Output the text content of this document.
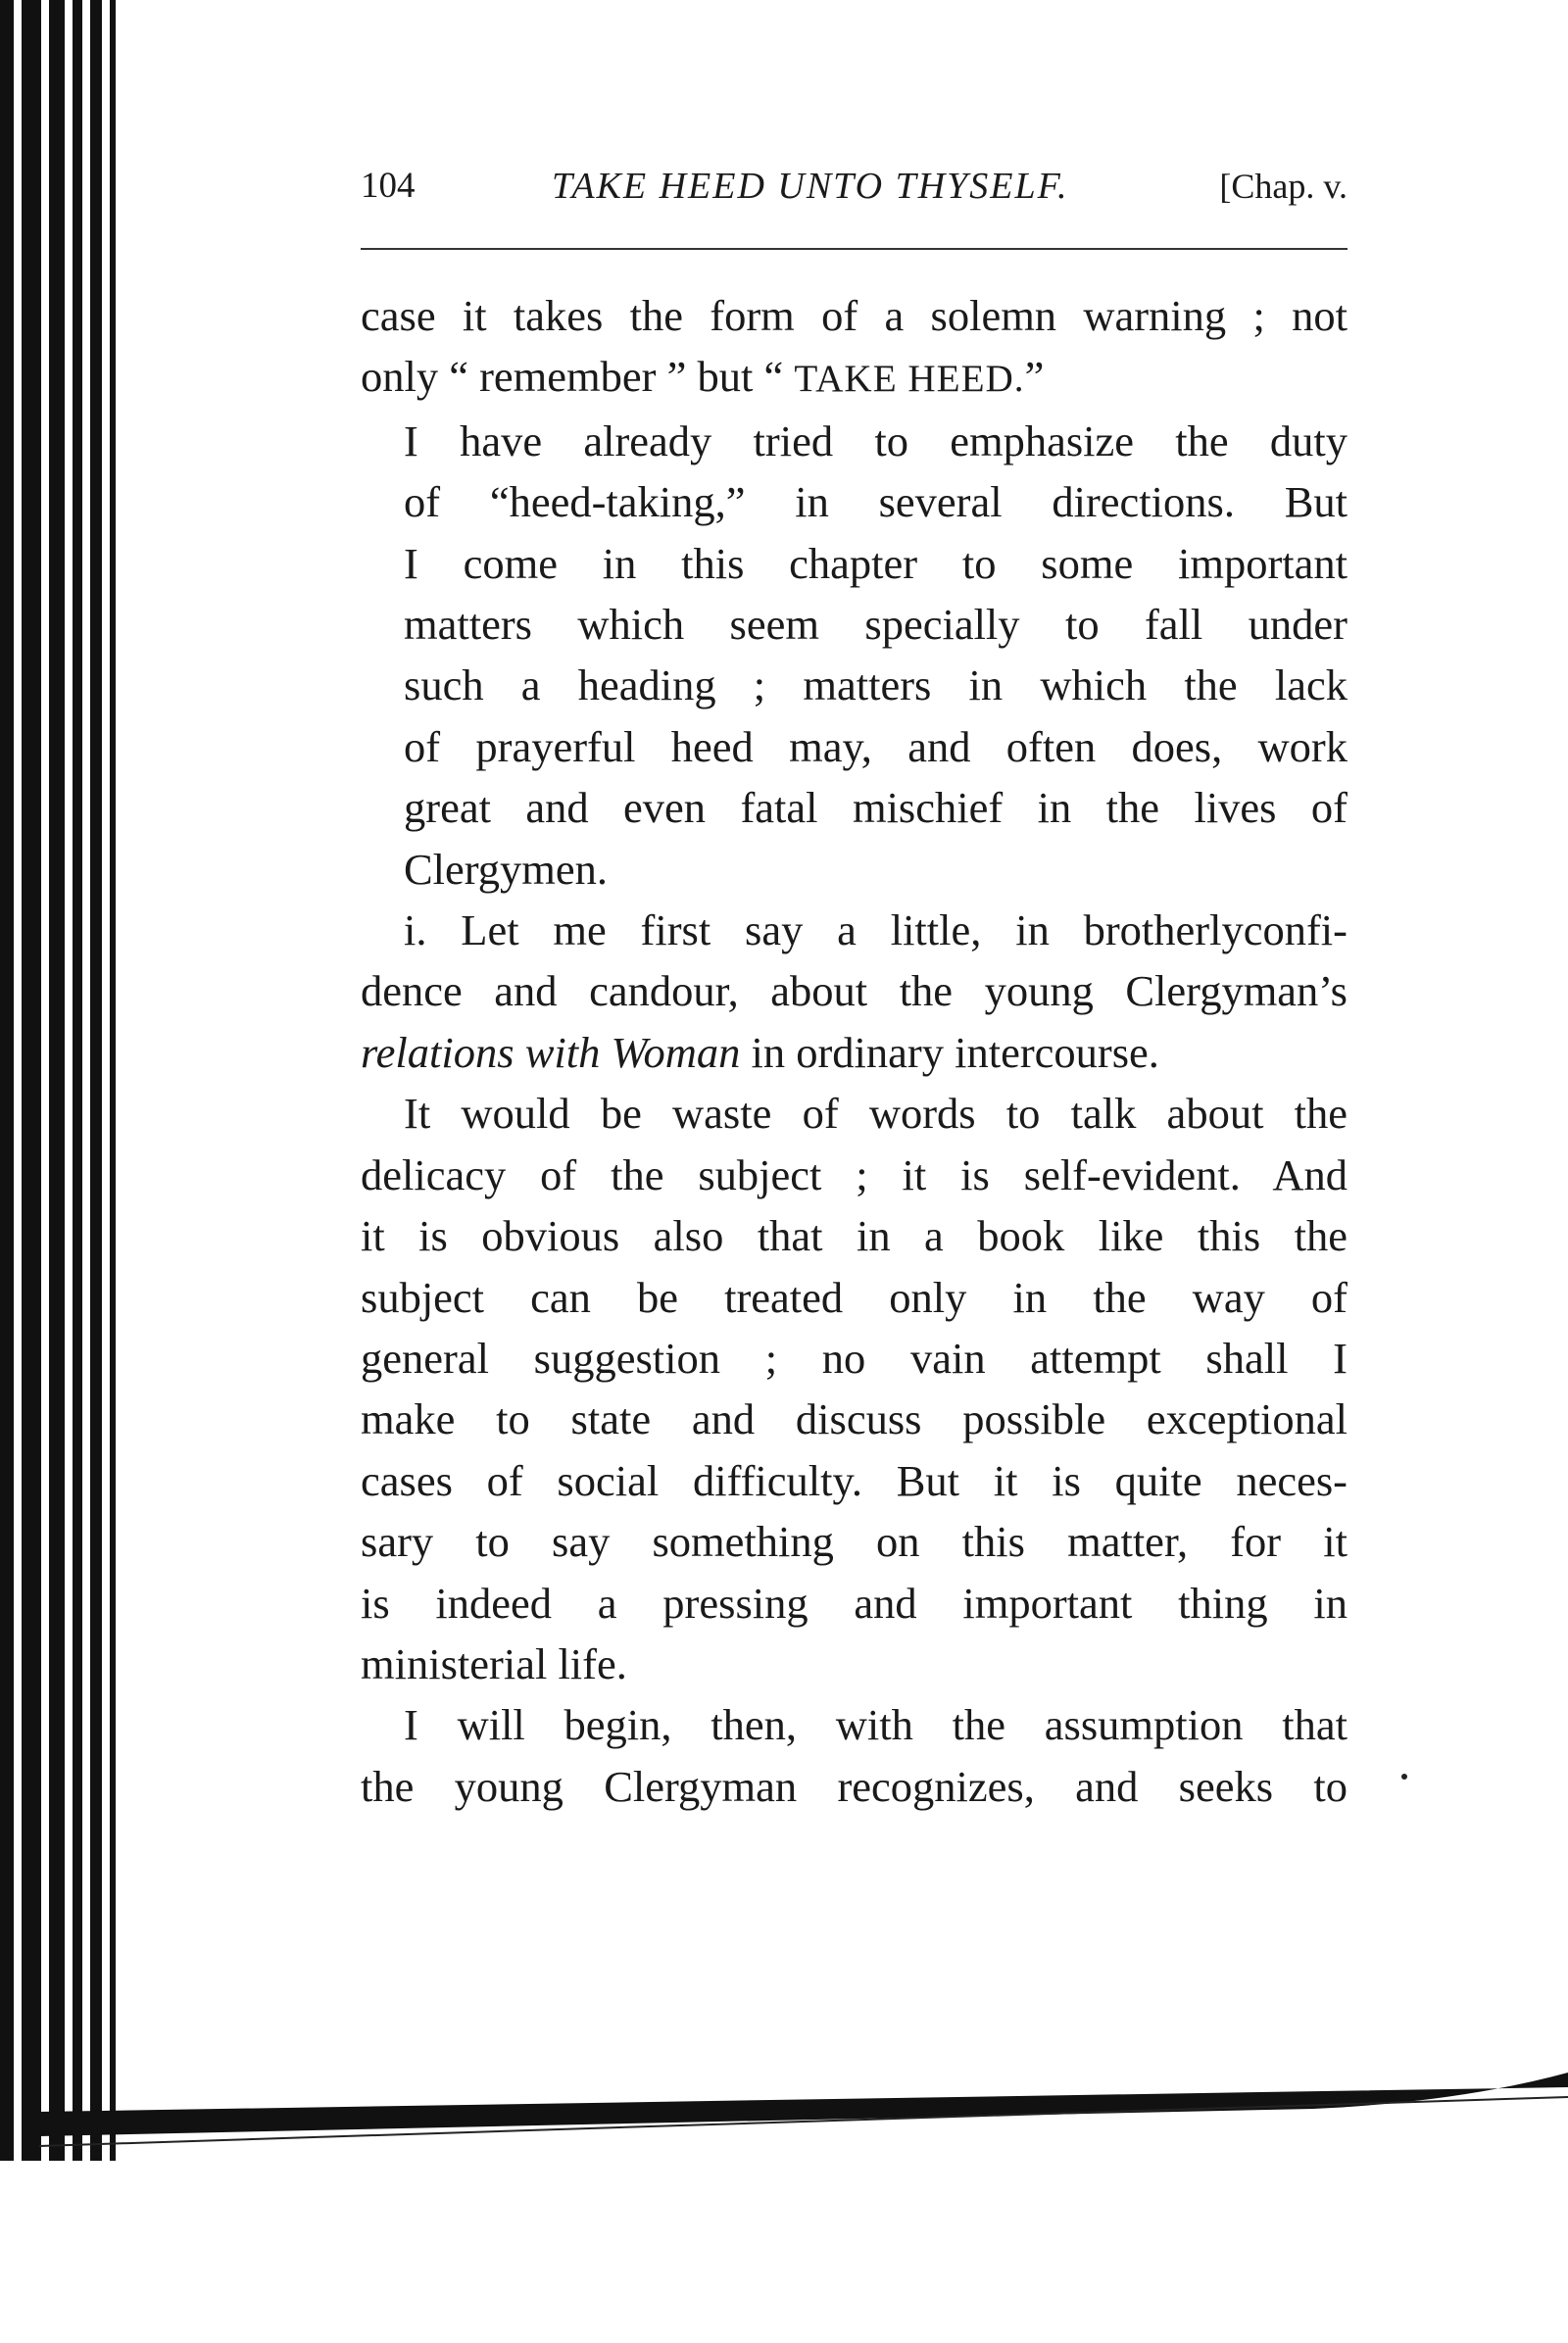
104	TAKE HEED UNTO THYSELF.	[Chap. v.

case it takes the form of a solemn warning ; not
only “ remember ” but “ TAKE HEED.”

I have already tried to emphasize the duty
of “heed-taking,” in several directions. But
I come in this chapter to some important
matters which seem specially to fall under
such a heading ; matters in which the lack
of prayerful heed may, and often does, work
great and even fatal mischief in the lives of
Clergymen.

i. Let me first say a little, in brotherlyconfi-
dence and candour, about the young Clergyman’s
relations with Woman in ordinary intercourse.

It would be waste of words to talk about the
delicacy of the subject ; it is self-evident. And
it is obvious also that in a book like this the
subject can be treated only in the way of
general suggestion ; no vain attempt shall I
make to state and discuss possible exceptional
cases of social difficulty. But it is quite neces-
sary to say something on this matter, for it
is indeed a pressing and important thing in
ministerial life.

I will begin, then, with the assumption that
the young Clergyman recognizes, and seeks to
